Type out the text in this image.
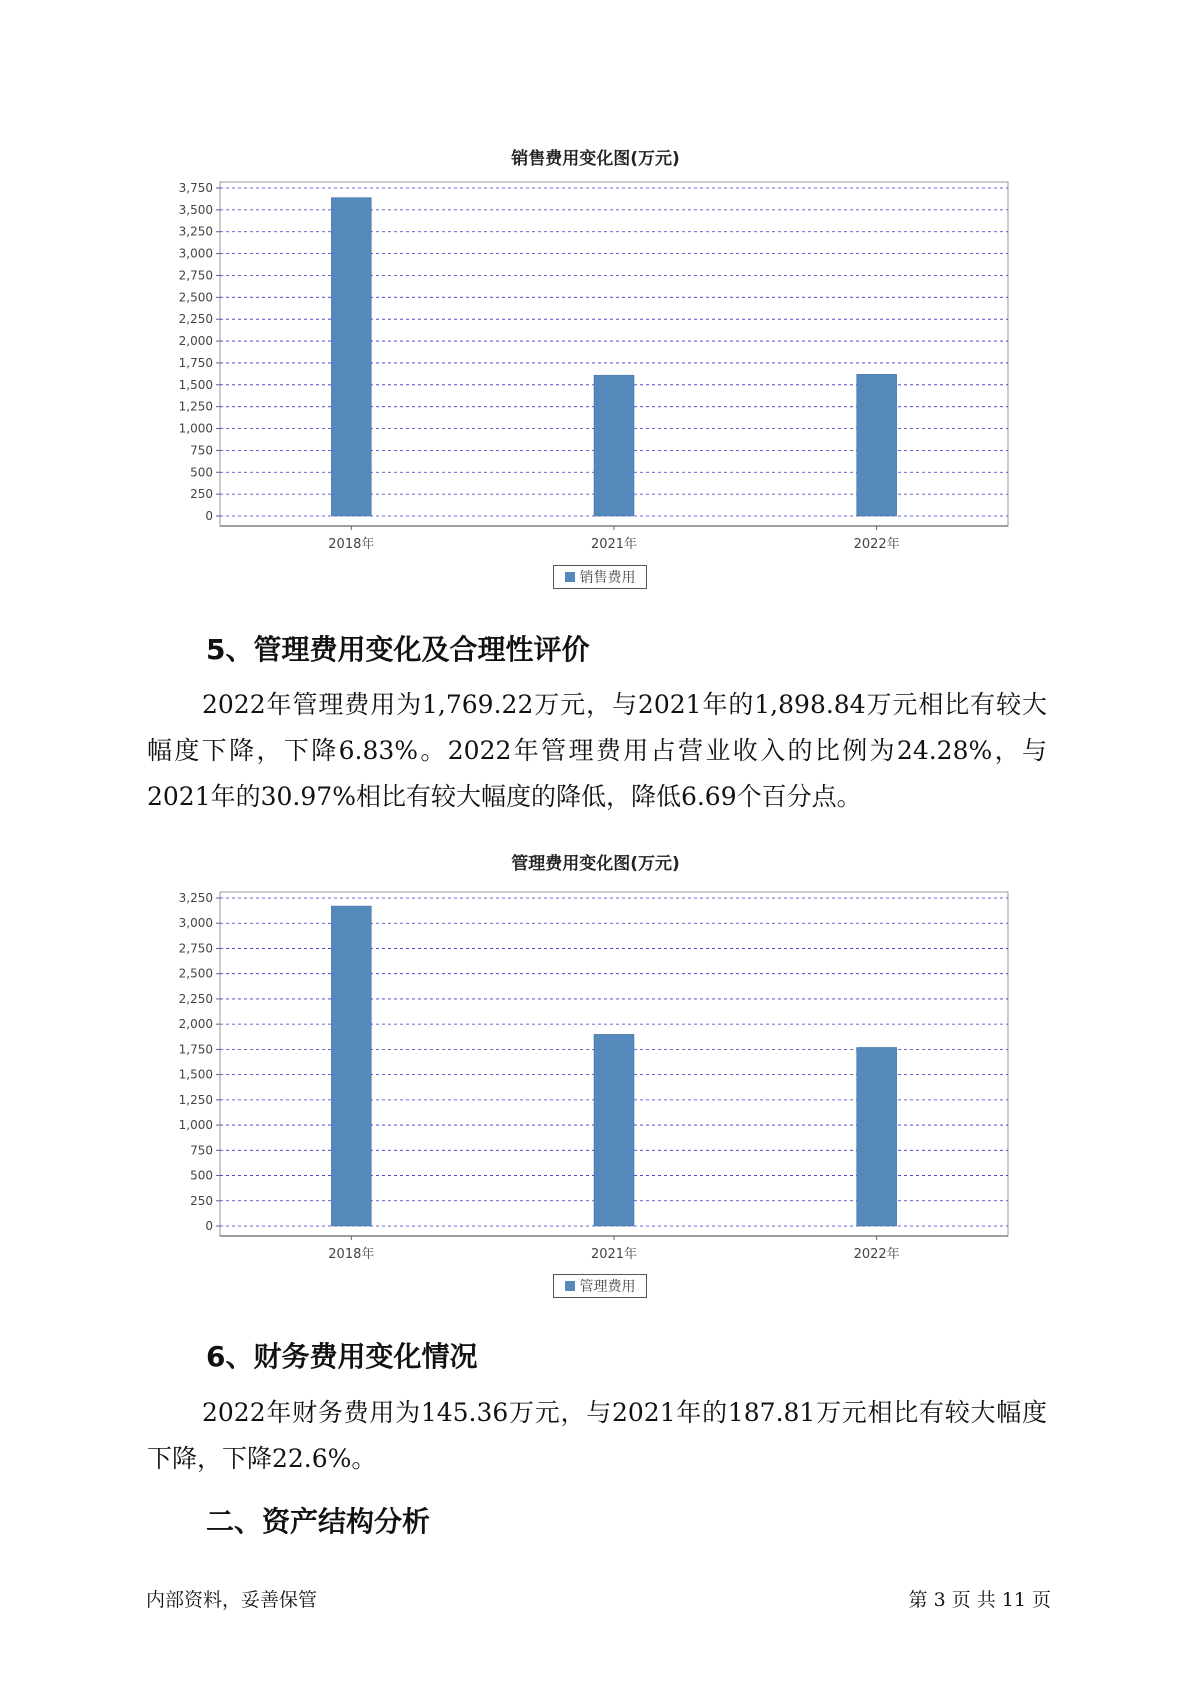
销售费用变化图(万元)
0
250
500
750
1,000
1,250
1,500
1,750
2,000
2,250
2,500
2,750
3,000
3,250
3,500
3,750
2018年	2021年	2022年
销售费用
5、管理费用变化及合理性评价

2022年管理费用为1,769.22万元，与2021年的1,898.84万元相比有较大幅度下降，下降6.83%。2022年管理费用占营业收入的比例为24.28%，与2021年的30.97%相比有较大幅度的降低，降低6.69个百分点。

管理费用变化图(万元)
0
250
500
750
1,000
1,250
1,500
1,750
2,000
2,250
2,500
2,750
3,000
3,250
2018年	2021年	2022年
管理费用
6、财务费用变化情况

2022年财务费用为145.36万元，与2021年的187.81万元相比有较大幅度下降，下降22.6%。

二、资产结构分析
内部资料，妥善保管	第 3 页 共 11 页
